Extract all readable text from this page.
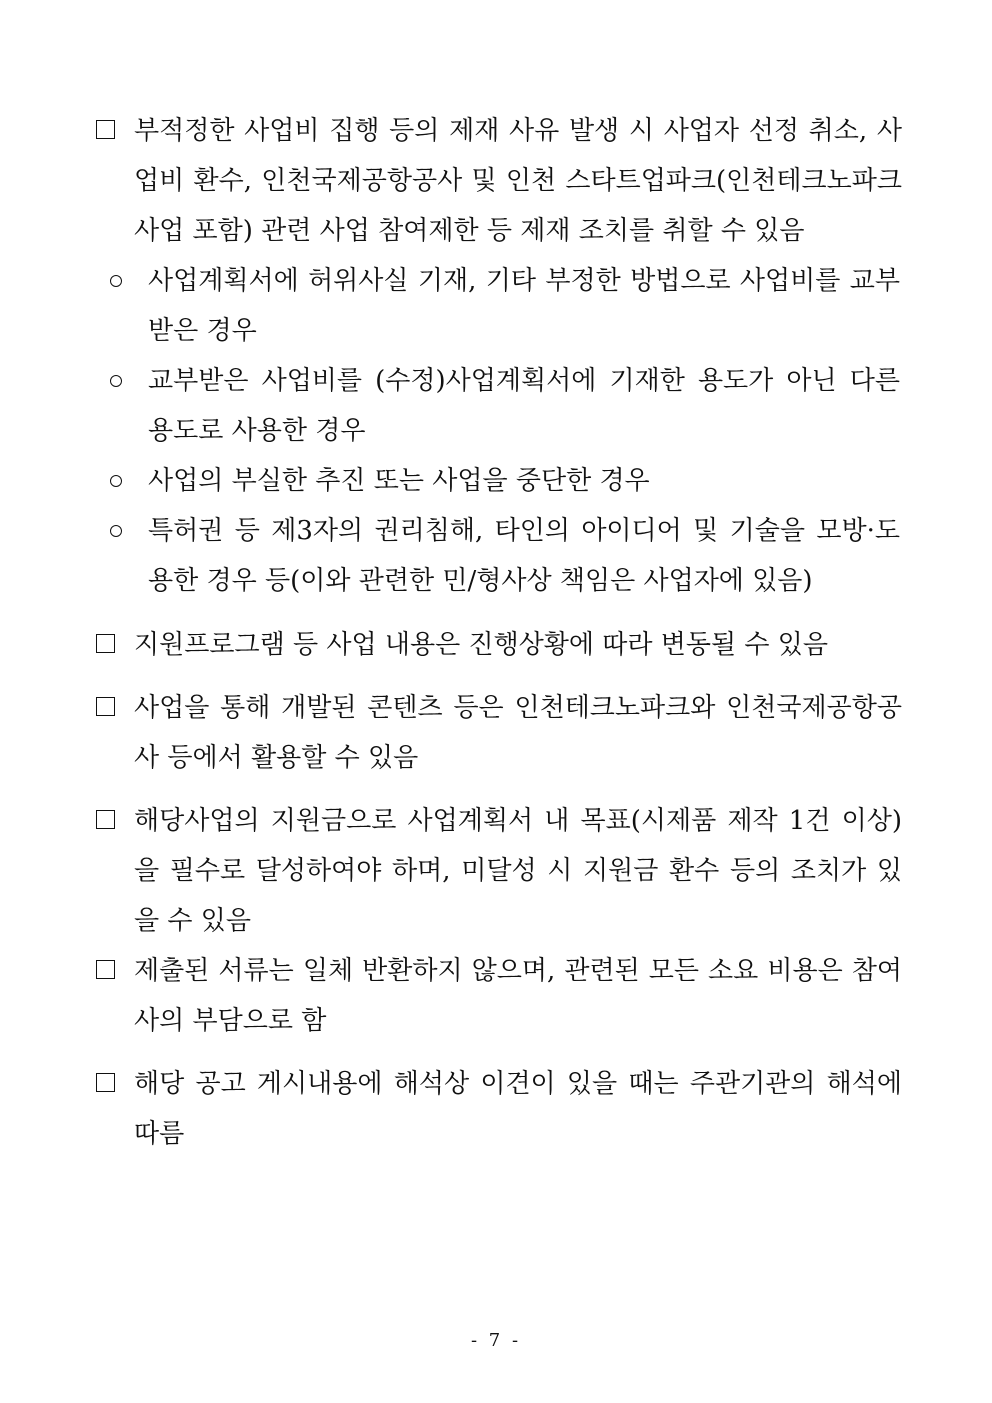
부적정한 사업비 집행 등의 제재 사유 발생 시 사업자 선정 취소, 사업비 환수, 인천국제공항공사 및 인천 스타트업파크(인천테크노파크 사업 포함) 관련 사업 참여제한 등 제재 조치를 취할 수 있음
사업계획서에 허위사실 기재, 기타 부정한 방법으로 사업비를 교부받은 경우
교부받은 사업비를 (수정)사업계획서에 기재한 용도가 아닌 다른 용도로 사용한 경우
사업의 부실한 추진 또는 사업을 중단한 경우
특허권 등 제3자의 권리침해, 타인의 아이디어 및 기술을 모방·도용한 경우 등(이와 관련한 민/형사상 책임은 사업자에 있음)
지원프로그램 등 사업 내용은 진행상황에 따라 변동될 수 있음
사업을 통해 개발된 콘텐츠 등은 인천테크노파크와 인천국제공항공사 등에서 활용할 수 있음
해당사업의 지원금으로 사업계획서 내 목표(시제품 제작 1건 이상)을 필수로 달성하여야 하며, 미달성 시 지원금 환수 등의 조치가 있을 수 있음
제출된 서류는 일체 반환하지 않으며, 관련된 모든 소요 비용은 참여사의 부담으로 함
해당 공고 게시내용에 해석상 이견이 있을 때는 주관기관의 해석에 따름
- 7 -
